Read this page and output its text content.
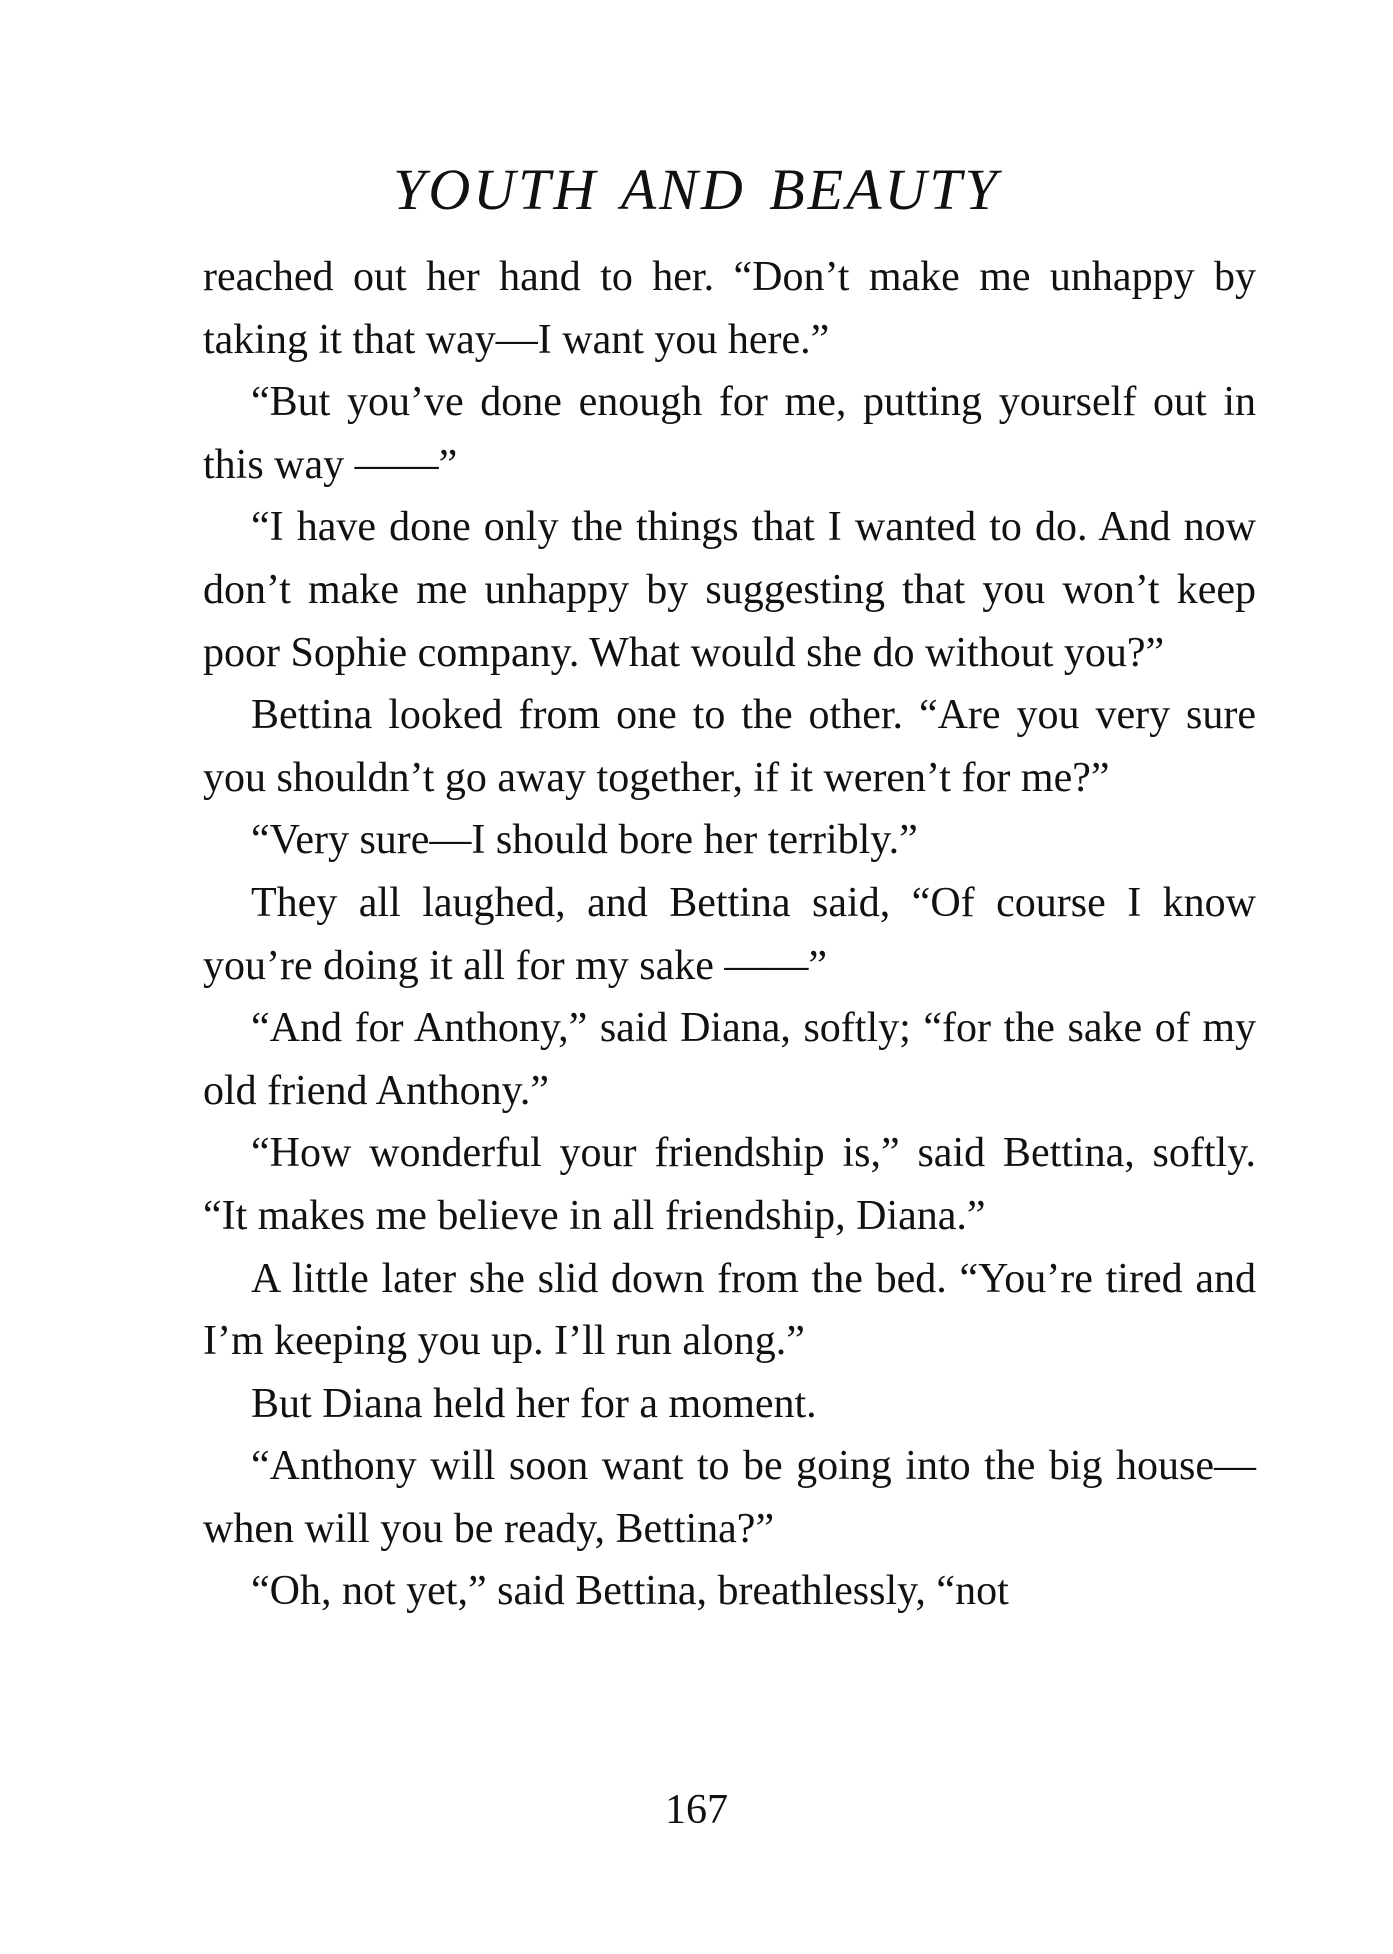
YOUTH AND BEAUTY

reached out her hand to her. “Don’t make me unhappy by taking it that way—I want you here.”

“But you’ve done enough for me, putting yourself out in this way ——”

“I have done only the things that I wanted to do. And now don’t make me unhappy by suggesting that you won’t keep poor Sophie company. What would she do without you?”

Bettina looked from one to the other. “Are you very sure you shouldn’t go away together, if it weren’t for me?”

“Very sure—I should bore her terribly.”

They all laughed, and Bettina said, “Of course I know you’re doing it all for my sake ——”

“And for Anthony,” said Diana, softly; “for the sake of my old friend Anthony.”

“How wonderful your friendship is,” said Bettina, softly. “It makes me believe in all friendship, Diana.”

A little later she slid down from the bed. “You’re tired and I’m keeping you up. I’ll run along.”

But Diana held her for a moment.

“Anthony will soon want to be going into the big house—when will you be ready, Bettina?”

“Oh, not yet,” said Bettina, breathlessly, “not

167
